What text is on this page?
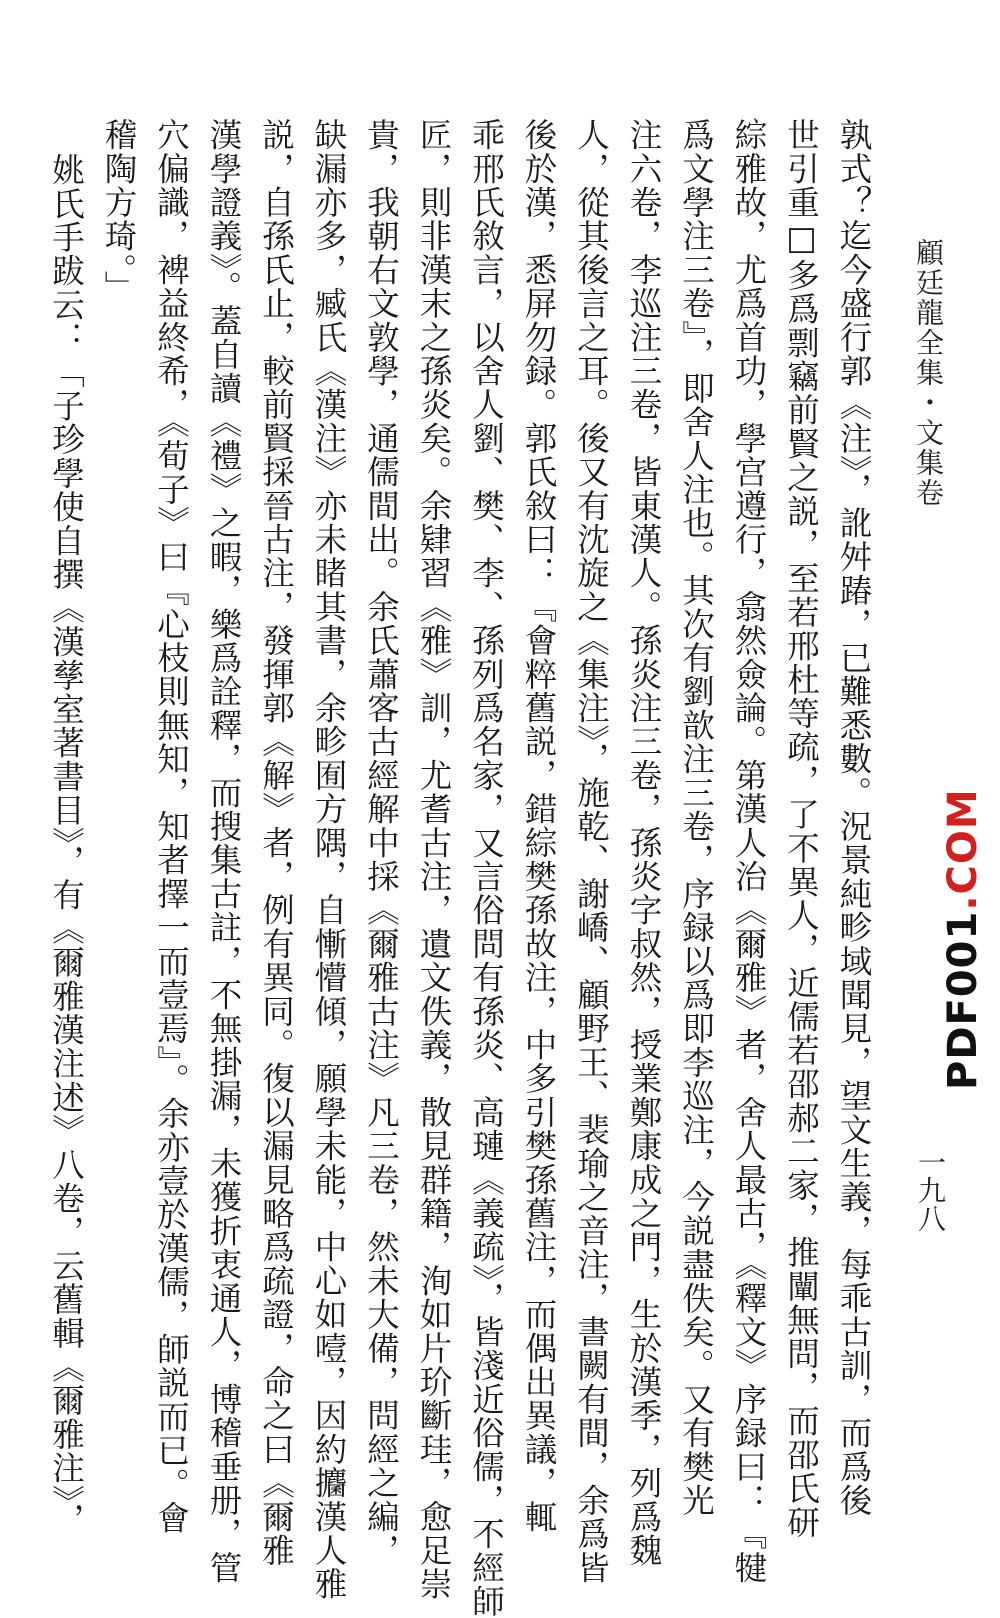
顧廷龍全集・文集卷
一九八

孰式？迄今盛行郭《注》，訛舛踳，已難悉數。況景純畛域聞見，望文生義，每乖古訓，而爲後

世引重□多爲剽竊前賢之説，至若邢杜等疏，了不異人，近儒若邵郝二家，推闡無問，而邵氏研

綜雅故，尤爲首功，學宫遵行，翕然僉論。第漢人治《爾雅》者，舍人最古，《釋文》序録曰：『犍

爲文學注三卷』，即舍人注也。其次有劉歆注三卷，序録以爲即李巡注，今説盡佚矣。又有樊光

注六卷，李巡注三卷，皆東漢人。孫炎注三卷，孫炎字叔然，授業鄭康成之門，生於漢季，列爲魏

人，從其後言之耳。後又有沈旋之《集注》，施乾、謝嶠、顧野王、裴瑜之音注，書闕有間，余爲皆

後於漢，悉屏勿録。郭氏敘曰：『會粹舊説，錯綜樊孫故注，中多引樊孫舊注，而偶出異議，輒

乖邢氏敘言，以舍人劉、樊、李、孫列爲名家，又言俗問有孫炎、高璉《義疏》，皆淺近俗儒，不經師

匠，則非漢末之孫炎矣。余肄習《雅》訓，尤耆古注，遺文佚義，散見群籍，洵如片玠斷珪，愈足崇

貴，我朝右文敦學，通儒間出。余氏蕭客古經解中採《爾雅古注》凡三卷，然未大備，問經之編，

缺漏亦多，臧氏《漢注》亦未睹其書，余畛囿方隅，自慚懵傾，願學未能，中心如噎，因約攟漢人雅

説，自孫氏止，較前賢採晉古注，發揮郭《解》者，例有異同。復以漏見略爲疏證，命之曰《爾雅

漢學證義》。蓋自讀《禮》之暇，樂爲詮釋，而搜集古註，不無掛漏，未獲折衷通人，博稽垂册，管

穴偏識，裨益終希，《荀子》曰『心枝則無知，知者擇一而壹焉』。余亦壹於漢儒，師説而已。會

稽陶方琦。」

姚氏手跋云：「子珍學使自撰《漢孳室著書目》，有《爾雅漢注述》八卷，云舊輯《爾雅注》，	PDF001.COM
